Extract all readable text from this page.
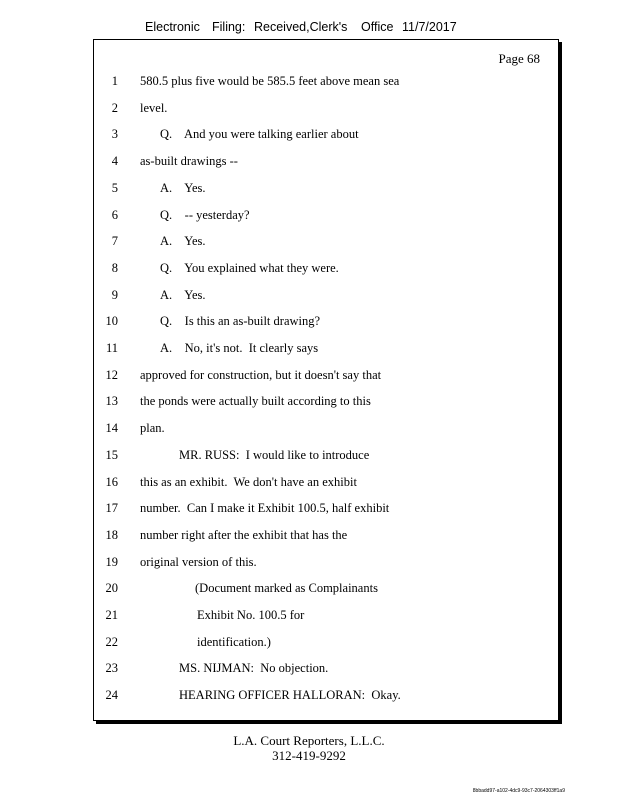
Electronic Filing: Received,Clerk's Office 11/7/2017
Page 68
1 580.5 plus five would be 585.5 feet above mean sea
2 level.
3	Q.    And you were talking earlier about
4 as-built drawings --
5	A.    Yes.
6	Q.    -- yesterday?
7	A.    Yes.
8	Q.    You explained what they were.
9	A.    Yes.
10	Q.    Is this an as-built drawing?
11	A.    No, it's not.  It clearly says
12 approved for construction, but it doesn't say that
13 the ponds were actually built according to this
14 plan.
15	MR. RUSS:  I would like to introduce
16 this as an exhibit.  We don't have an exhibit
17 number.  Can I make it Exhibit 100.5, half exhibit
18 number right after the exhibit that has the
19 original version of this.
20	(Document marked as Complainants
21	Exhibit No. 100.5 for
22	identification.)
23	MS. NIJMAN:  No objection.
24	HEARING OFFICER HALLORAN:  Okay.
L.A. Court Reporters, L.L.C.
312-419-9292
8bbadd97-a102-4dc9-93c7-2064303ff1a9
